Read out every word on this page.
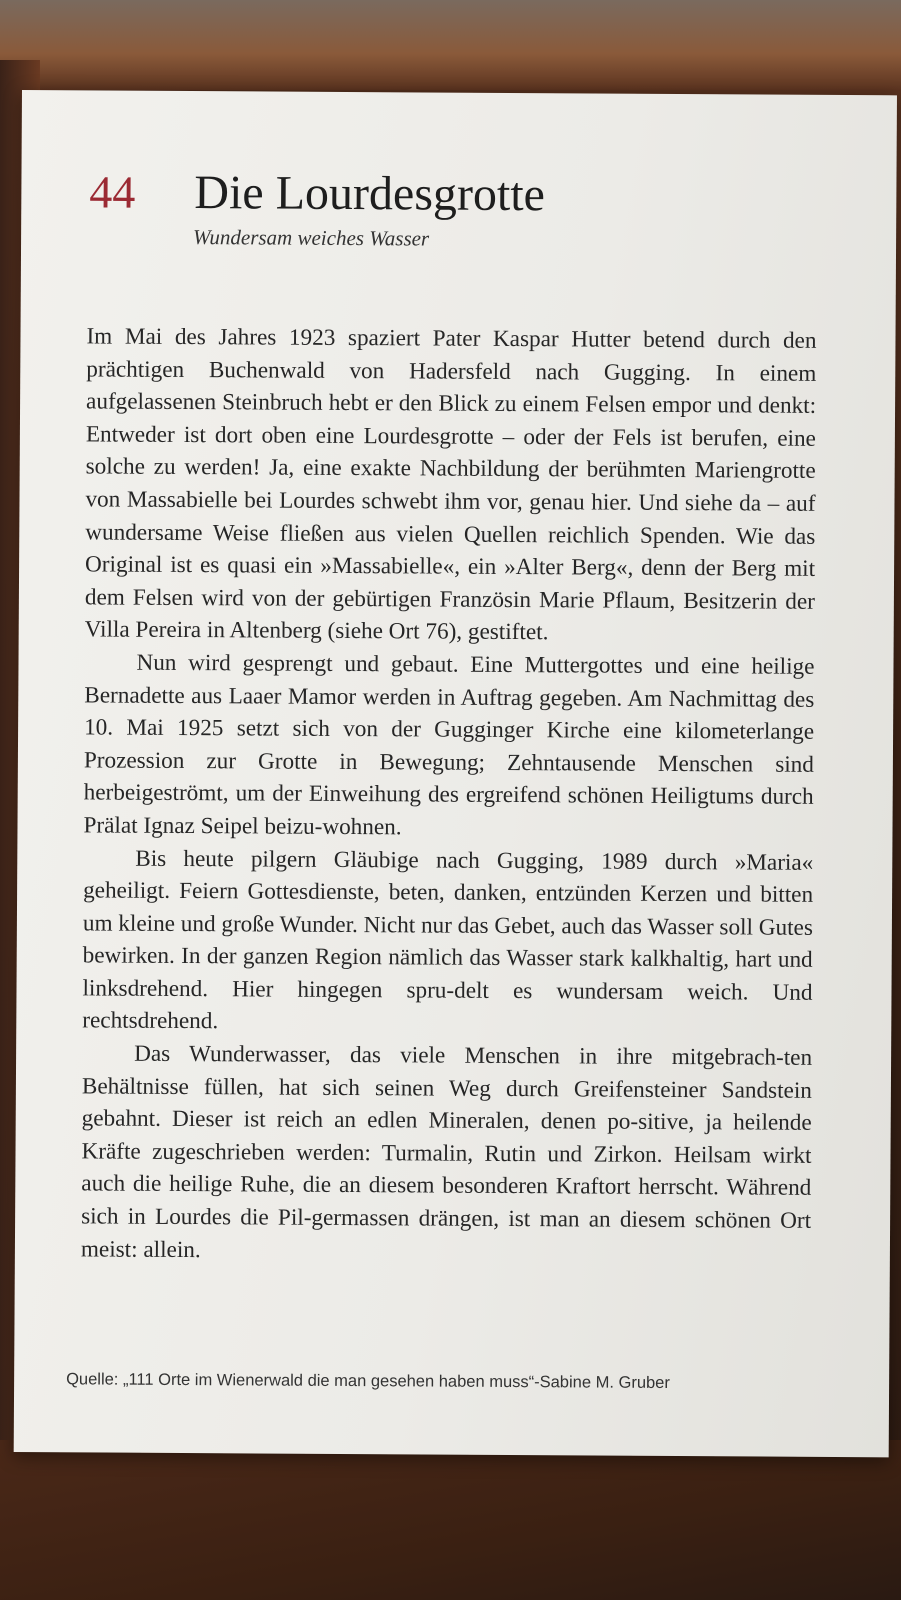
44 Die Lourdesgrotte
Wundersam weiches Wasser

Im Mai des Jahres 1923 spaziert Pater Kaspar Hutter betend durch den prächtigen Buchenwald von Hadersfeld nach Gugging. In einem aufgelassenen Steinbruch hebt er den Blick zu einem Felsen empor und denkt: Entweder ist dort oben eine Lourdesgrotte – oder der Fels ist berufen, eine solche zu werden! Ja, eine exakte Nachbildung der berühmten Mariengrotte von Massabielle bei Lourdes schwebt ihm vor, genau hier. Und siehe da – auf wundersame Weise fließen aus vielen Quellen reichlich Spenden. Wie das Original ist es quasi ein »Massabielle«, ein »Alter Berg«, denn der Berg mit dem Felsen wird von der gebürtigen Französin Marie Pflaum, Besitzerin der Villa Pereira in Altenberg (siehe Ort 76), gestiftet.

Nun wird gesprengt und gebaut. Eine Muttergottes und eine heilige Bernadette aus Laaer Mamor werden in Auftrag gegeben. Am Nachmittag des 10. Mai 1925 setzt sich von der Gugginger Kirche eine kilometerlange Prozession zur Grotte in Bewegung; Zehntausende Menschen sind herbeigeströmt, um der Einweihung des ergreifend schönen Heiligtums durch Prälat Ignaz Seipel beizu-wohnen.

Bis heute pilgern Gläubige nach Gugging, 1989 durch »Maria« geheiligt. Feiern Gottesdienste, beten, danken, entzünden Kerzen und bitten um kleine und große Wunder. Nicht nur das Gebet, auch das Wasser soll Gutes bewirken. In der ganzen Region nämlich das Wasser stark kalkhaltig, hart und linksdrehend. Hier hingegen spru-delt es wundersam weich. Und rechtsdrehend.

Das Wunderwasser, das viele Menschen in ihre mitgebrach-ten Behältnisse füllen, hat sich seinen Weg durch Greifensteiner Sandstein gebahnt. Dieser ist reich an edlen Mineralen, denen po-sitive, ja heilende Kräfte zugeschrieben werden: Turmalin, Rutin und Zirkon. Heilsam wirkt auch die heilige Ruhe, die an diesem besonderen Kraftort herrscht. Während sich in Lourdes die Pil-germassen drängen, ist man an diesem schönen Ort meist: allein.

Quelle: „111 Orte im Wienerwald die man gesehen haben muss“-Sabine M. Gruber
